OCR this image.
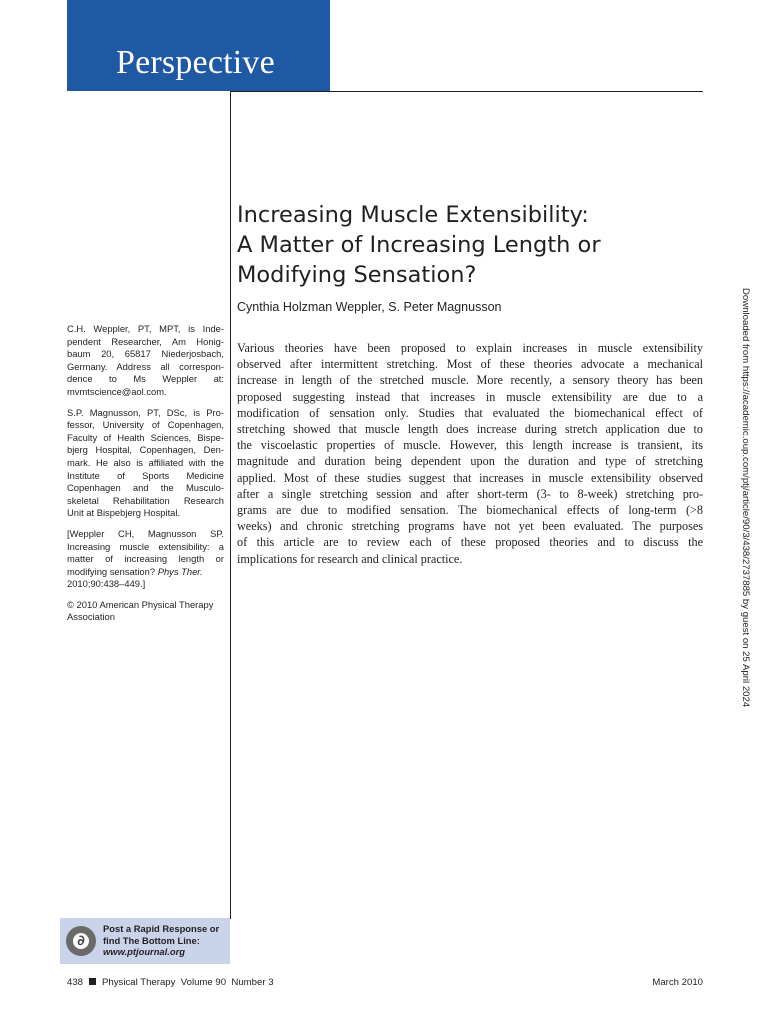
Perspective
Increasing Muscle Extensibility:
A Matter of Increasing Length or
Modifying Sensation?
Cynthia Holzman Weppler, S. Peter Magnusson

Various theories have been proposed to explain increases in muscle extensibility

observed after intermittent stretching. Most of these theories advocate a mechanical

increase in length of the stretched muscle. More recently, a sensory theory has been

proposed suggesting instead that increases in muscle extensibility are due to a

modification of sensation only. Studies that evaluated the biomechanical effect of

stretching showed that muscle length does increase during stretch application due to

the viscoelastic properties of muscle. However, this length increase is transient, its

magnitude and duration being dependent upon the duration and type of stretching

applied. Most of these studies suggest that increases in muscle extensibility observed

after a single stretching session and after short-term (3- to 8-week) stretching pro-

grams are due to modified sensation. The biomechanical effects of long-term (>8

weeks) and chronic stretching programs have not yet been evaluated. The purposes

of this article are to review each of these proposed theories and to discuss the

implications for research and clinical practice.

C.H. Weppler, PT, MPT, is Inde-

pendent Researcher, Am Honig-

baum 20, 65817 Niederjosbach,

Germany. Address all correspon-

dence to Ms Weppler at:

mvmtscience@aol.com.

S.P. Magnusson, PT, DSc, is Pro-

fessor, University of Copenhagen,

Faculty of Health Sciences, Bispe-

bjerg Hospital, Copenhagen, Den-

mark. He also is affiliated with the

Institute of Sports Medicine

Copenhagen and the Musculo-

skeletal Rehabilitation Research

Unit at Bispebjerg Hospital.

[Weppler CH, Magnusson SP.

Increasing muscle extensibility: a

matter of increasing length or

modifying sensation? Phys Ther.

2010;90:438–449.]

© 2010 American Physical Therapy

Association

∂
Post a Rapid Response or
find The Bottom Line:
www.ptjournal.org
438 Physical Therapy  Volume 90  Number 3	March 2010
Downloaded from https://academic.oup.com/ptj/article/90/3/438/2737885 by guest on 25 April 2024
